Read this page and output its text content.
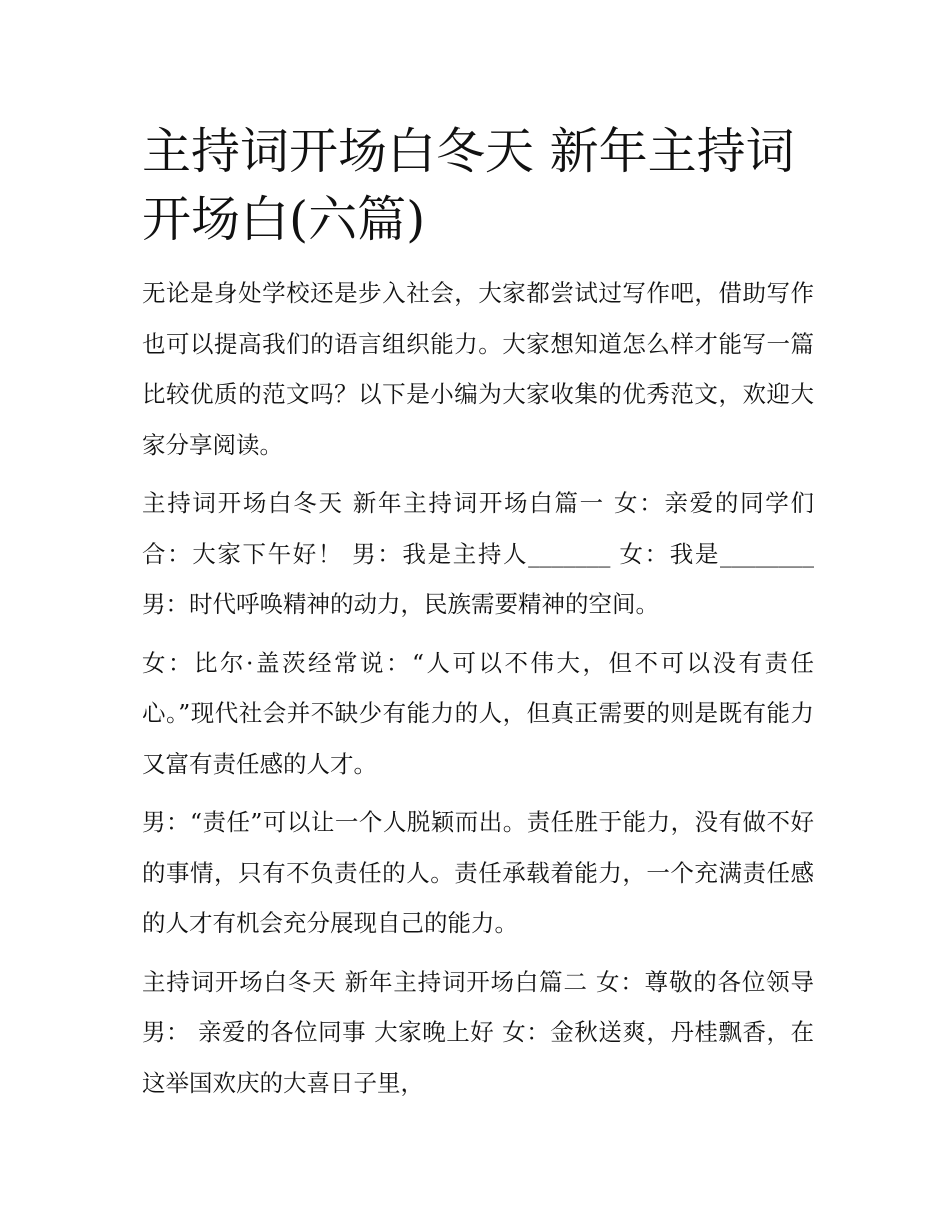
主持词开场白冬天 新年主持词开场白(六篇)

无论是身处学校还是步入社会，大家都尝试过写作吧，借助写作也可以提高我们的语言组织能力。大家想知道怎么样才能写一篇比较优质的范文吗？以下是小编为大家收集的优秀范文，欢迎大家分享阅读。

主持词开场白冬天 新年主持词开场白篇一 女：亲爱的同学们 合：大家下午好！ 男：我是主持人_______ 女：我是________ 男：时代呼唤精神的动力，民族需要精神的空间。

女：比尔·盖茨经常说：“人可以不伟大，但不可以没有责任心。”现代社会并不缺少有能力的人，但真正需要的则是既有能力又富有责任感的人才。

男：“责任”可以让一个人脱颖而出。责任胜于能力，没有做不好的事情，只有不负责任的人。责任承载着能力，一个充满责任感的人才有机会充分展现自己的能力。

主持词开场白冬天 新年主持词开场白篇二 女：尊敬的各位领导 男： 亲爱的各位同事 大家晚上好 女：金秋送爽，丹桂飘香，在这举国欢庆的大喜日子里，
